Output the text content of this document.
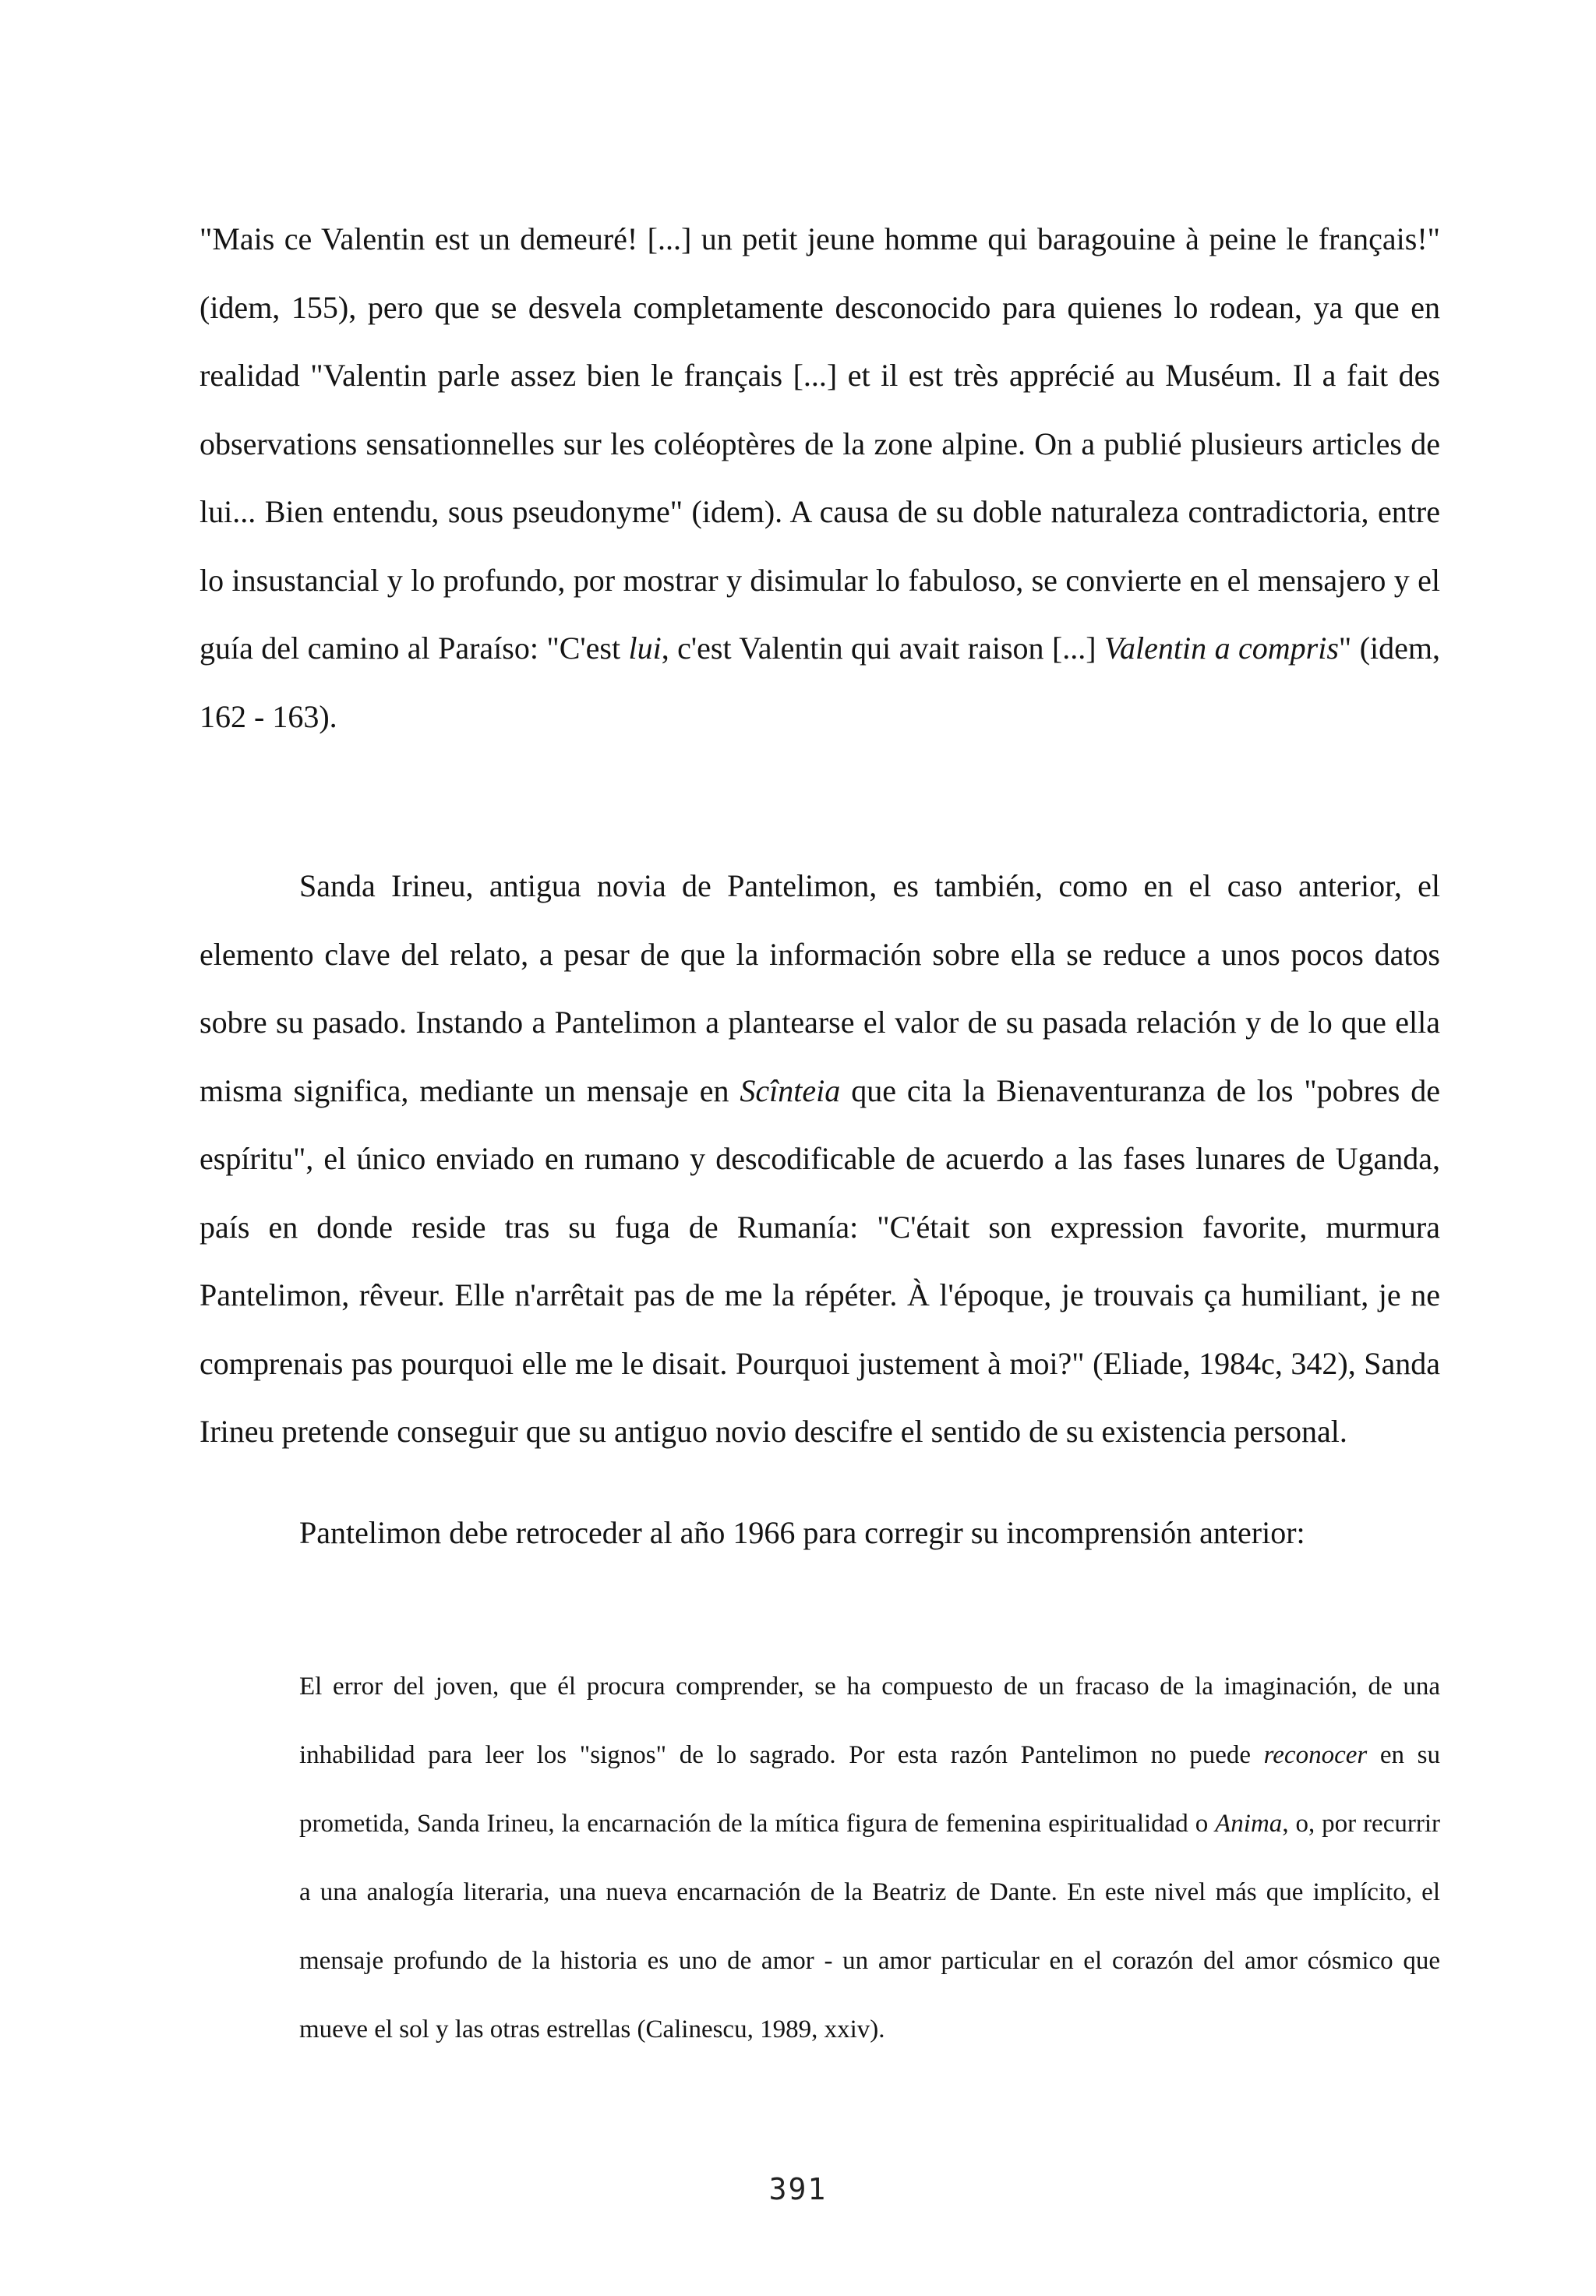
"Mais ce Valentin est un demeuré! [...] un petit jeune homme qui baragouine à peine le français!" (idem, 155), pero que se desvela completamente desconocido para quienes lo rodean, ya que en realidad "Valentin parle assez bien le français [...] et il est très apprécié au Muséum. Il a fait des observations sensationnelles sur les coléoptères de la zone alpine. On a publié plusieurs articles de lui... Bien entendu, sous pseudonyme" (idem). A causa de su doble naturaleza contradictoria, entre lo insustancial y lo profundo, por mostrar y disimular lo fabuloso, se convierte en el mensajero y el guía del camino al Paraíso: "C'est lui, c'est Valentin qui avait raison [...] Valentin a compris" (idem, 162 - 163).

Sanda Irineu, antigua novia de Pantelimon, es también, como en el caso anterior, el elemento clave del relato, a pesar de que la información sobre ella se reduce a unos pocos datos sobre su pasado. Instando a Pantelimon a plantearse el valor de su pasada relación y de lo que ella misma significa, mediante un mensaje en Scînteia que cita la Bienaventuranza de los "pobres de espíritu", el único enviado en rumano y descodificable de acuerdo a las fases lunares de Uganda, país en donde reside tras su fuga de Rumanía: "C'était son expression favorite, murmura Pantelimon, rêveur. Elle n'arrêtait pas de me la répéter. À l'époque, je trouvais ça humiliant, je ne comprenais pas pourquoi elle me le disait. Pourquoi justement à moi?" (Eliade, 1984c, 342), Sanda Irineu pretende conseguir que su antiguo novio descifre el sentido de su existencia personal.

Pantelimon debe retroceder al año 1966 para corregir su incomprensión anterior:

El error del joven, que él procura comprender, se ha compuesto de un fracaso de la imaginación, de una inhabilidad para leer los "signos" de lo sagrado. Por esta razón Pantelimon no puede reconocer en su prometida, Sanda Irineu, la encarnación de la mítica figura de femenina espiritualidad o Anima, o, por recurrir a una analogía literaria, una nueva encarnación de la Beatriz de Dante. En este nivel más que implícito, el mensaje profundo de la historia es uno de amor - un amor particular en el corazón del amor cósmico que mueve el sol y las otras estrellas (Calinescu, 1989, xxiv).

391
